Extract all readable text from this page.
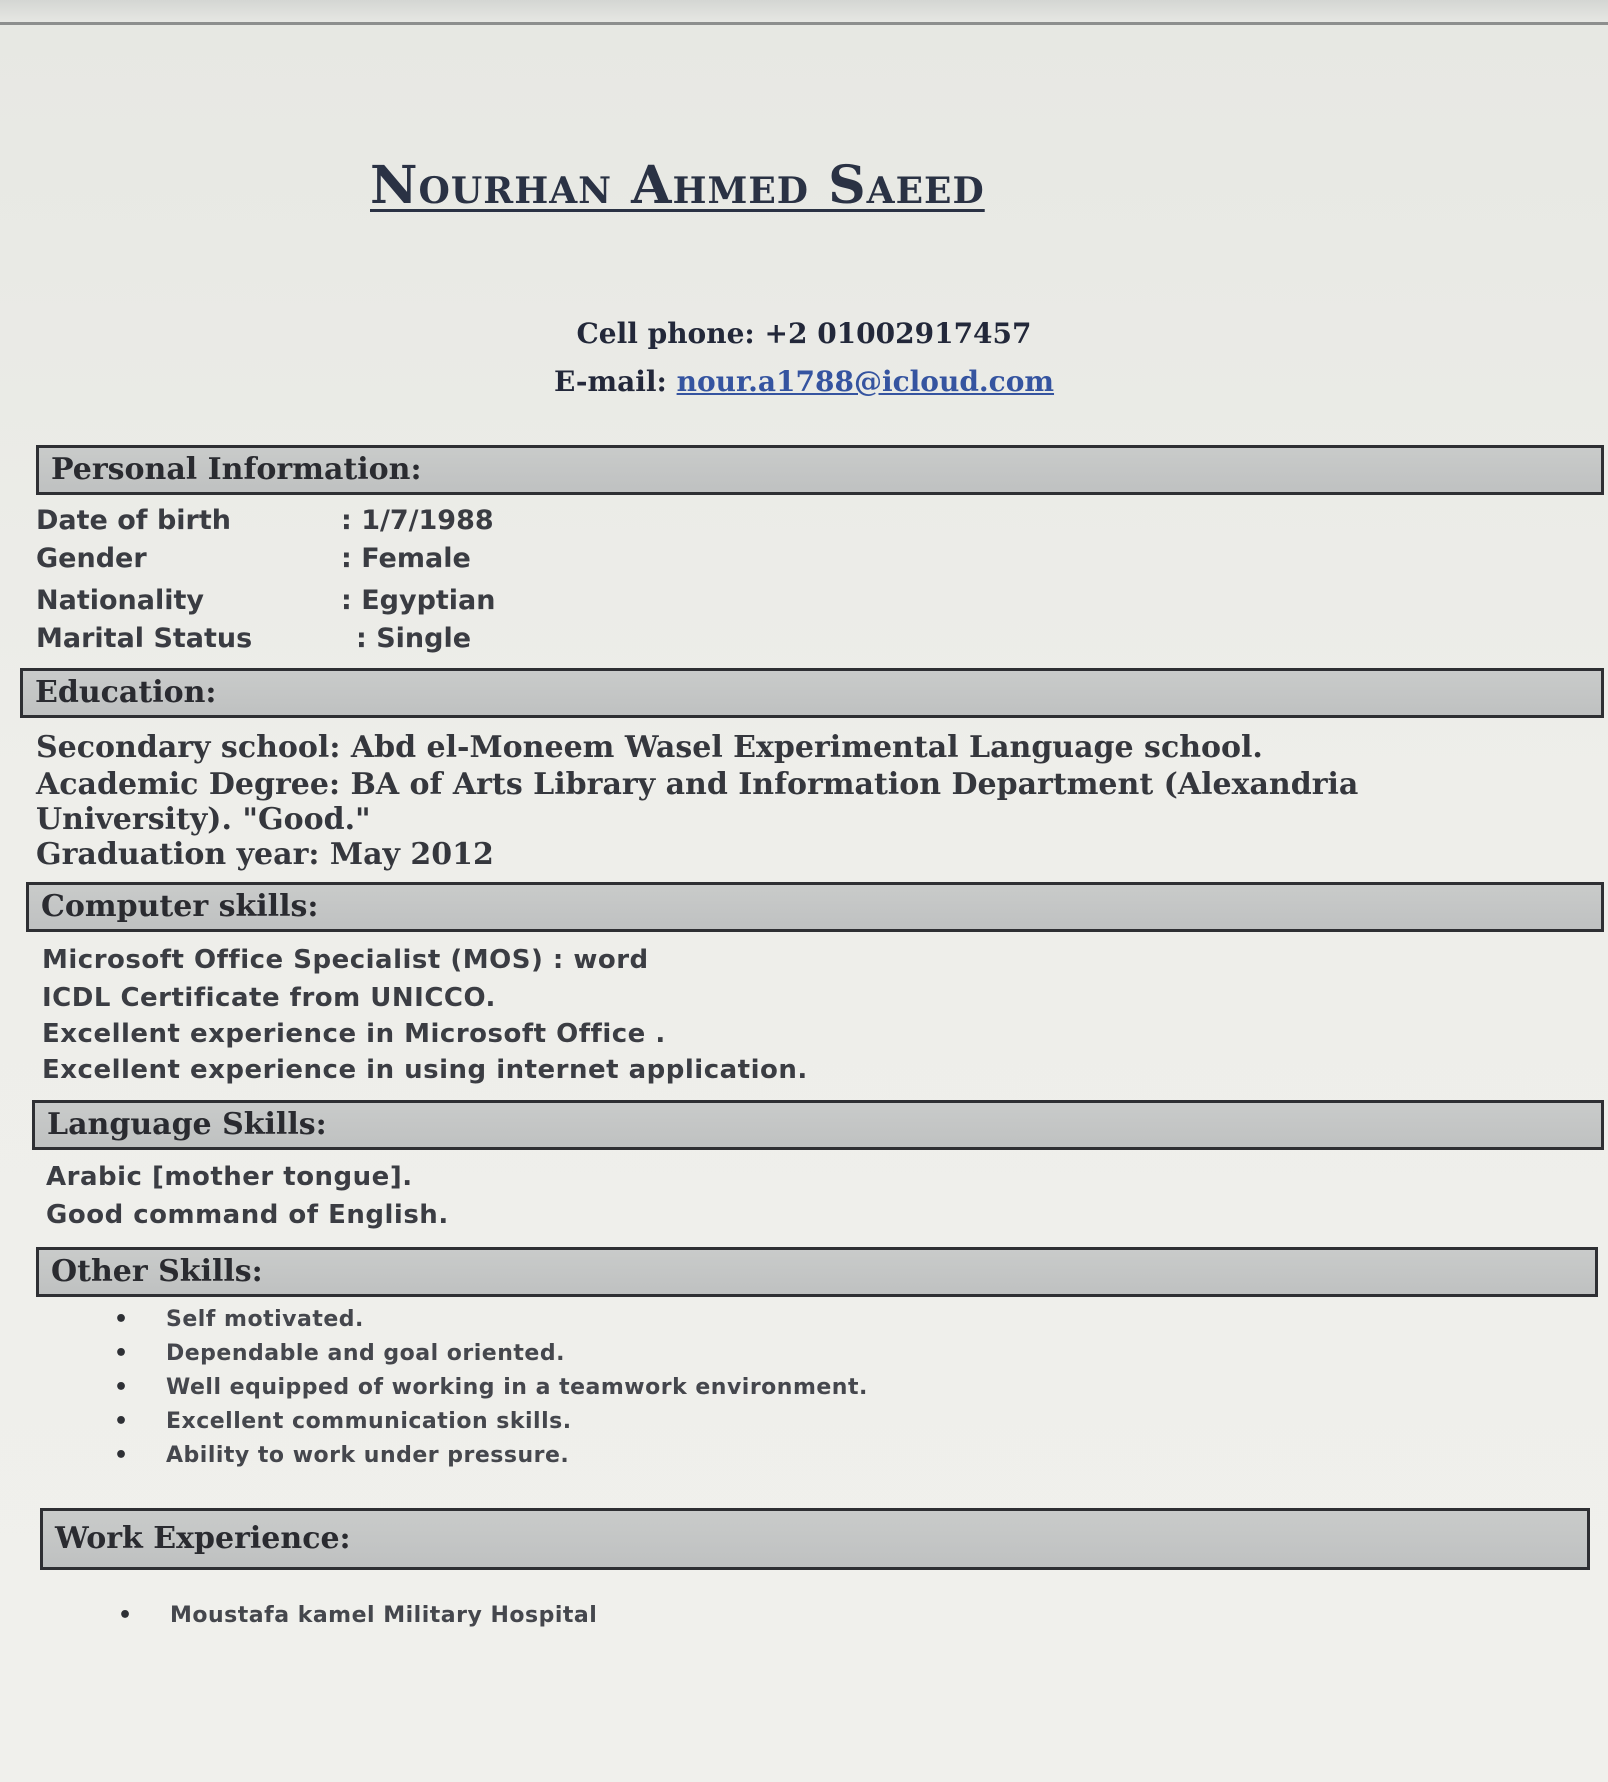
Nourhan Ahmed Saeed
Cell phone: +2 01002917457
E-mail: nour.a1788@icloud.com
Personal Information:
Date of birth	: 1/7/1988
Gender	: Female
Nationality	: Egyptian
Marital Status	: Single
Education:
Secondary school: Abd el-Moneem Wasel Experimental Language school.
Academic Degree: BA of Arts Library and Information Department (Alexandria
University). "Good."
Graduation year: May 2012
Computer skills:
Microsoft Office Specialist (MOS) : word
ICDL Certificate from UNICCO.
Excellent experience in Microsoft Office .
Excellent experience in using internet application.
Language Skills:
Arabic [mother tongue].
Good command of English.
Other Skills:
• Self motivated.
• Dependable and goal oriented.
• Well equipped of working in a teamwork environment.
• Excellent communication skills.
• Ability to work under pressure.
Work Experience:
• Moustafa kamel Military Hospital
